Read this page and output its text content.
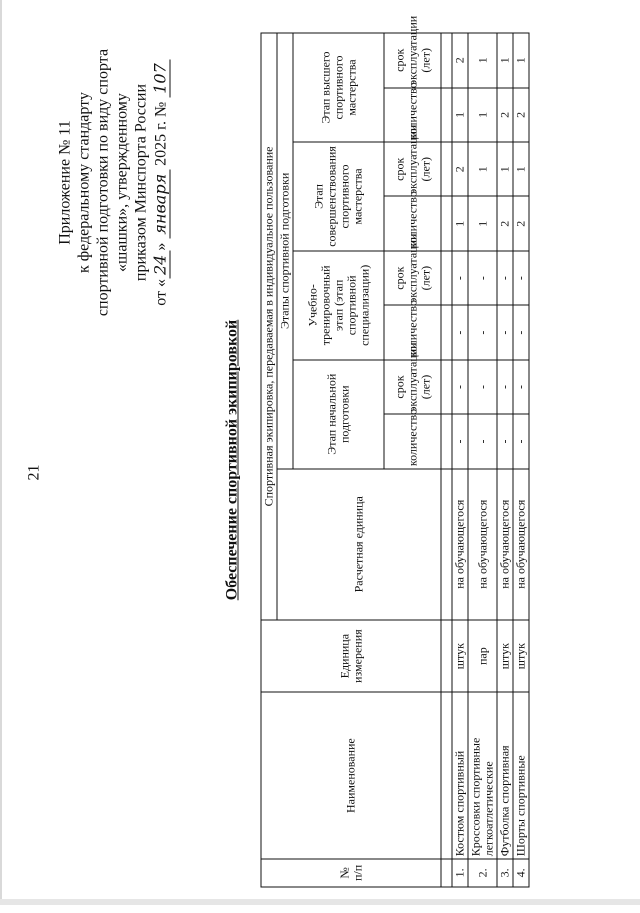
21
Приложение № 11 к федеральному стандарту спортивной подготовки по виду спорта «шашки», утвержденному приказом Минспорта России
от «24» января 2025 г. № 107
Обеспечение спортивной экипировкой
№ п/п	Наименование	Единица измерения	Спортивная экипировка, передаваемая в индивидуальное пользование								
			Расчетная единица	Этапы спортивной подготовки							
				Этап начальной подготовки		Учебно-тренировочный этап (этап спортивной специализации)		Этап совершенствования спортивного мастерства		Этап высшего спортивного мастерства	
				количество	срок эксплуатации (лет)	количество	срок эксплуатации (лет)	количество	срок эксплуатации (лет)	количество	срок эксплуатации (лет)

1.	Костюм спортивный	штук	на обучающегося	-	-	-	-	1	2	1	2
2.	Кроссовки спортивные легкоатлетические	пар	на обучающегося	-	-	-	-	1	1	1	1
3.	Футболка спортивная	штук	на обучающегося	-	-	-	-	2	1	2	1
4.	Шорты спортивные	штук	на обучающегося	-	-	-	-	2	1	2	1
